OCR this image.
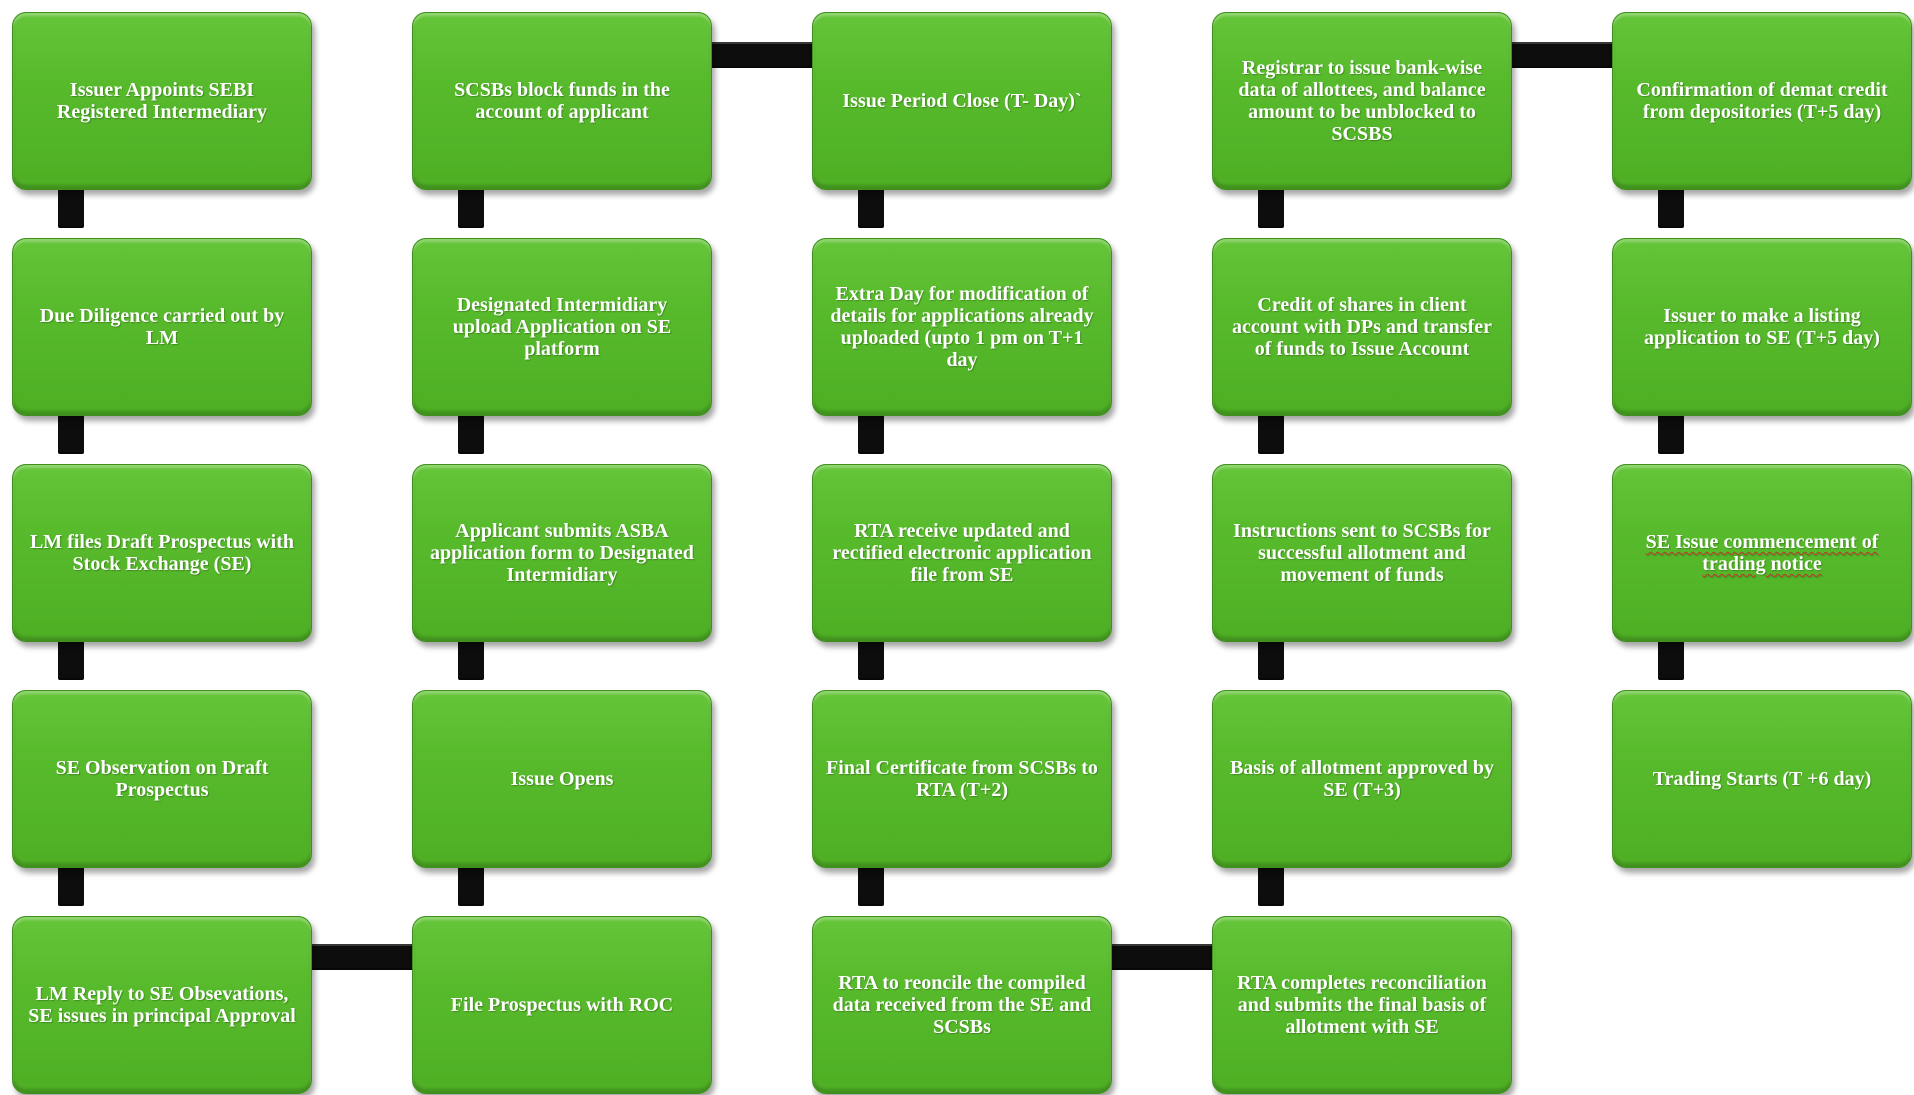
Issuer Appoints SEBI Registered Intermediary
Due Diligence carried out by LM
LM files Draft Prospectus with Stock Exchange (SE)
SE Observation on Draft Prospectus
LM Reply to SE Obsevations, SE issues in principal Approval
SCSBs block funds in the account of applicant
Designated Intermidiary upload Application on SE platform
Applicant submits ASBA application form to Designated Intermidiary
Issue Opens
File Prospectus with ROC
Issue Period Close (T- Day)`
Extra Day for modification of details for applications already uploaded (upto 1 pm on T+1 day
RTA receive updated and rectified electronic application file from SE
Final Certificate from SCSBs to RTA (T+2)
RTA to reoncile the compiled data received from the SE and SCSBs
Registrar to issue bank-wise data of allottees, and balance amount to be unblocked to SCSBS
Credit of shares in client account with DPs and transfer of funds to Issue Account
Instructions sent to SCSBs for successful allotment and movement of funds
Basis of allotment approved by SE (T+3)
RTA completes reconciliation and submits the final basis of allotment with SE
Confirmation of demat credit from depositories (T+5 day)
Issuer to make a listing application to SE (T+5 day)
SE Issue commencement of trading notice
Trading Starts (T +6 day)
